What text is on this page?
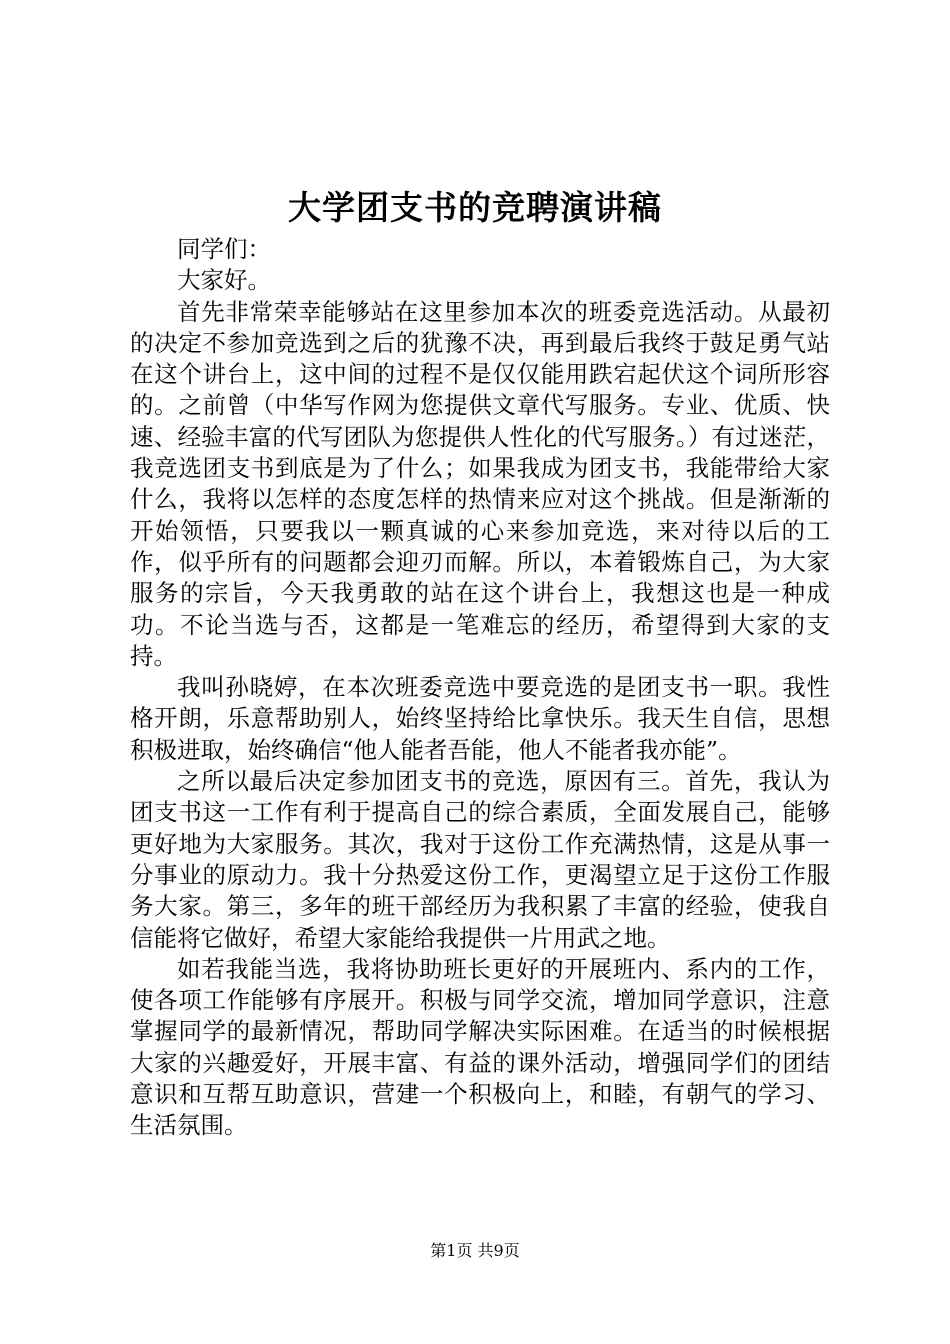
大学团支书的竞聘演讲稿

同学们：

大家好。

首先非常荣幸能够站在这里参加本次的班委竞选活动。从最初的决定不参加竞选到之后的犹豫不决，再到最后我终于鼓足勇气站在这个讲台上，这中间的过程不是仅仅能用跌宕起伏这个词所形容的。之前曾（中华写作网为您提供文章代写服务。专业、优质、快速、经验丰富的代写团队为您提供人性化的代写服务。）有过迷茫，我竞选团支书到底是为了什么；如果我成为团支书，我能带给大家什么，我将以怎样的态度怎样的热情来应对这个挑战。但是渐渐的开始领悟，只要我以一颗真诚的心来参加竞选，来对待以后的工作，似乎所有的问题都会迎刃而解。所以，本着锻炼自己，为大家服务的宗旨，今天我勇敢的站在这个讲台上，我想这也是一种成功。不论当选与否，这都是一笔难忘的经历，希望得到大家的支持。

我叫孙晓婷，在本次班委竞选中要竞选的是团支书一职。我性格开朗，乐意帮助别人，始终坚持给比拿快乐。我天生自信，思想积极进取，始终确信“他人能者吾能，他人不能者我亦能”。

之所以最后决定参加团支书的竞选，原因有三。首先，我认为团支书这一工作有利于提高自己的综合素质，全面发展自己，能够更好地为大家服务。其次，我对于这份工作充满热情，这是从事一分事业的原动力。我十分热爱这份工作，更渴望立足于这份工作服务大家。第三，多年的班干部经历为我积累了丰富的经验，使我自信能将它做好，希望大家能给我提供一片用武之地。

如若我能当选，我将协助班长更好的开展班内、系内的工作，使各项工作能够有序展开。积极与同学交流，增加同学意识，注意掌握同学的最新情况，帮助同学解决实际困难。在适当的时候根据大家的兴趣爱好，开展丰富、有益的课外活动，增强同学们的团结意识和互帮互助意识，营建一个积极向上，和睦，有朝气的学习、生活氛围。

第1页 共9页
